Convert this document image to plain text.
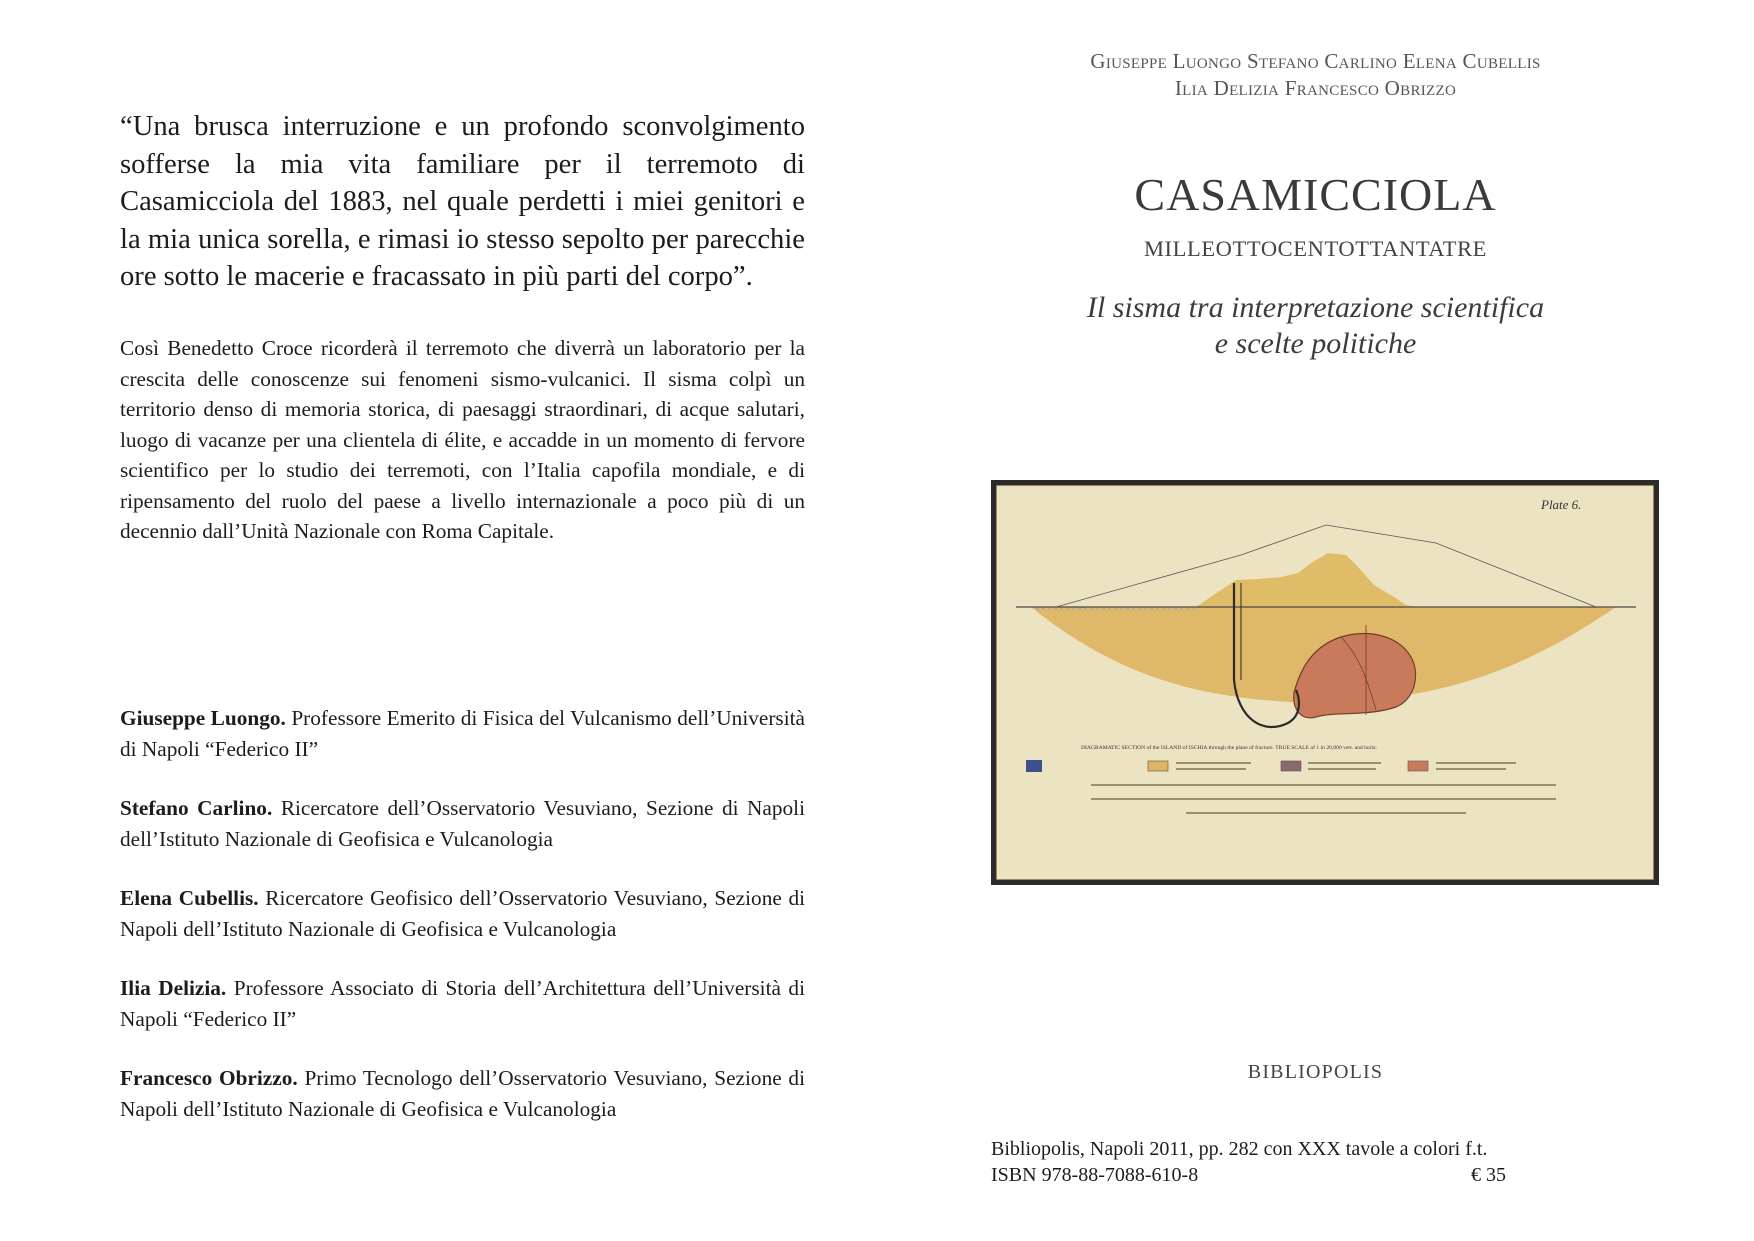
“Una brusca interruzione e un profondo sconvolgimento sofferse la mia vita familiare per il terremoto di Casamicciola del 1883, nel quale perdetti i miei genitori e la mia unica sorella, e rimasi io stesso sepolto per parecchie ore sotto le macerie e fracassato in più parti del corpo”.

Così Benedetto Croce ricorderà il terremoto che diverrà un laboratorio per la crescita delle conoscenze sui fenomeni sismo-vulcanici. Il sisma colpì un territorio denso di memoria storica, di paesaggi straordinari, di acque salutari, luogo di vacanze per una clientela di élite, e accadde in un momento di fervore scientifico per lo studio dei terremoti, con l’Italia capofila mondiale, e di ripensamento del ruolo del paese a livello internazionale a poco più di un decennio dall’Unità Nazionale con Roma Capitale.

Giuseppe Luongo. Professore Emerito di Fisica del Vulcanismo dell’Università di Napoli “Federico II”

Stefano Carlino. Ricercatore dell’Osservatorio Vesuviano, Sezione di Napoli dell’Istituto Nazionale di Geofisica e Vulcanologia

Elena Cubellis. Ricercatore Geofisico dell’Osservatorio Vesuviano, Sezione di Napoli dell’Istituto Nazionale di Geofisica e Vulcanologia

Ilia Delizia. Professore Associato di Storia dell’Architettura dell’Università di Napoli “Federico II”

Francesco Obrizzo. Primo Tecnologo dell’Osservatorio Vesuviano, Sezione di Napoli dell’Istituto Nazionale di Geofisica e Vulcanologia

Giuseppe Luongo Stefano Carlino Elena Cubellis
Ilia Delizia Francesco Obrizzo
CASAMICCIOLA
MILLEOTTOCENTOTTANTATRE
Il sisma tra interpretazione scientifica
e scelte politiche
Plate 6.
DIAGRAMATIC SECTION of the ISLAND of ISCHIA through the plane of fracture. TRUE SCALE of 1 in 20,000 vert. and horiz.
BIBLIOPOLIS
Bibliopolis, Napoli 2011, pp. 282 con XXX tavole a colori f.t.
ISBN 978-88-7088-610-8	€ 35
